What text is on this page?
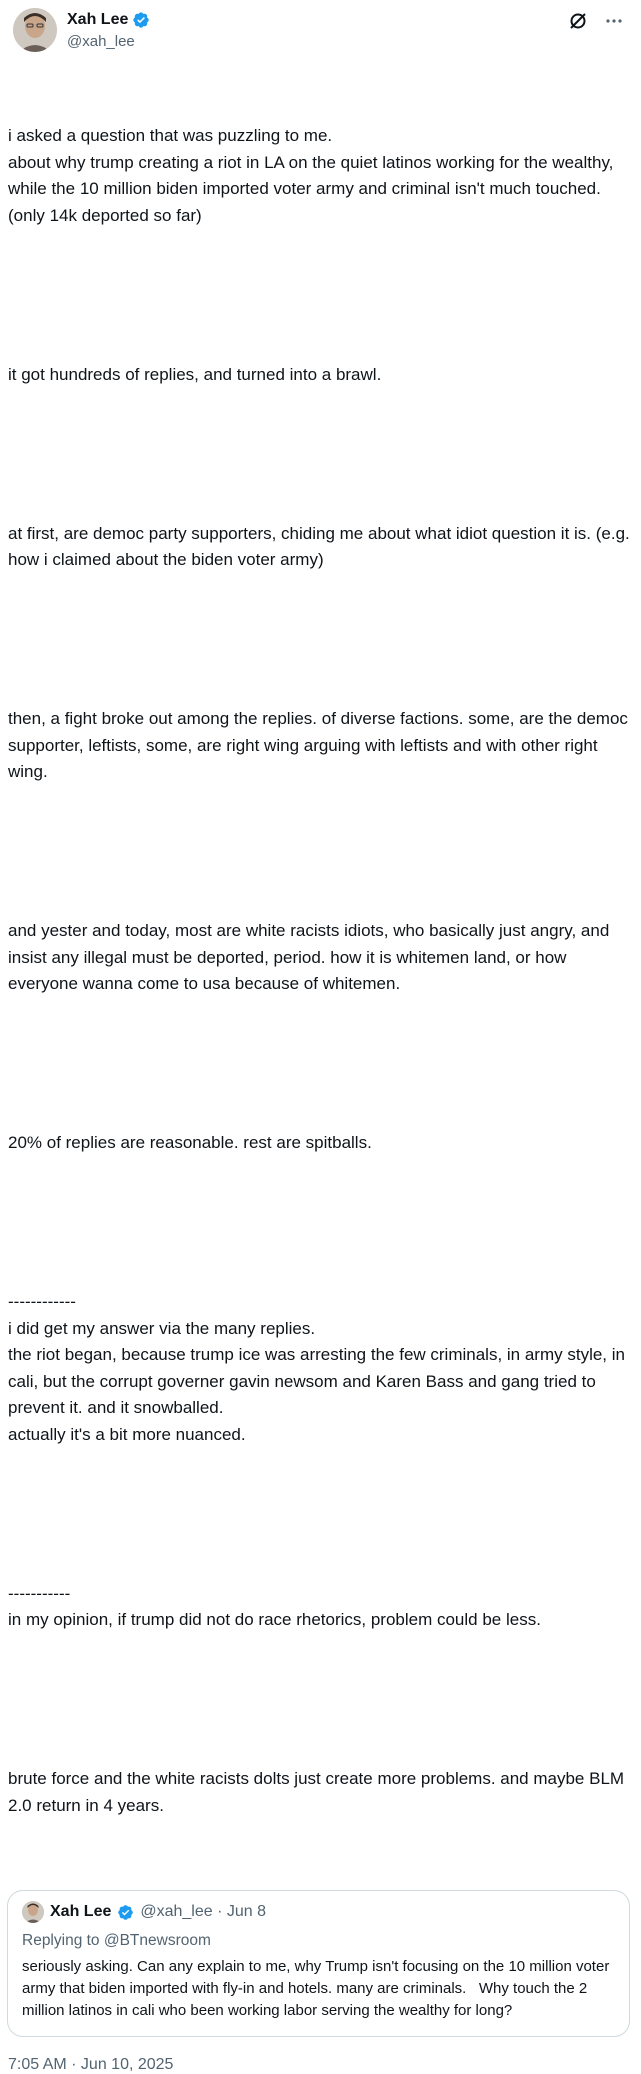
Xah Lee
@xah_lee

i asked a question that was puzzling to me.
about why trump creating a riot in LA on the quiet latinos working for the wealthy, while the 10 million biden imported voter army and criminal isn't much touched. (only 14k deported so far)

it got hundreds of replies, and turned into a brawl.

at first, are democ party supporters, chiding me about what idiot question it is. (e.g. how i claimed about the biden voter army)

then, a fight broke out among the replies. of diverse factions. some, are the democ supporter, leftists, some, are right wing arguing with leftists and with other right wing.

and yester and today, most are white racists idiots, who basically just angry, and insist any illegal must be deported, period. how it is whitemen land, or how everyone wanna come to usa because of whitemen.

20% of replies are reasonable. rest are spitballs.

------------
i did get my answer via the many replies.
the riot began, because trump ice was arresting the few criminals, in army style, in cali, but the corrupt governer gavin newsom and Karen Bass and gang tried to prevent it. and it snowballed.
actually it's a bit more nuanced.

-----------
in my opinion, if trump did not do race rhetorics, problem could be less.

brute force and the white racists dolts just create more problems. and maybe BLM 2.0 return in 4 years.

Xah Lee @xah_lee · Jun 8
Replying to @BTnewsroom
seriously asking. Can any explain to me, why Trump isn't focusing on the 10 million voter army that biden imported with fly-in and hotels. many are criminals.   Why touch the 2 million latinos in cali who been working labor serving the wealthy for long?
7:05 AM · Jun 10, 2025
